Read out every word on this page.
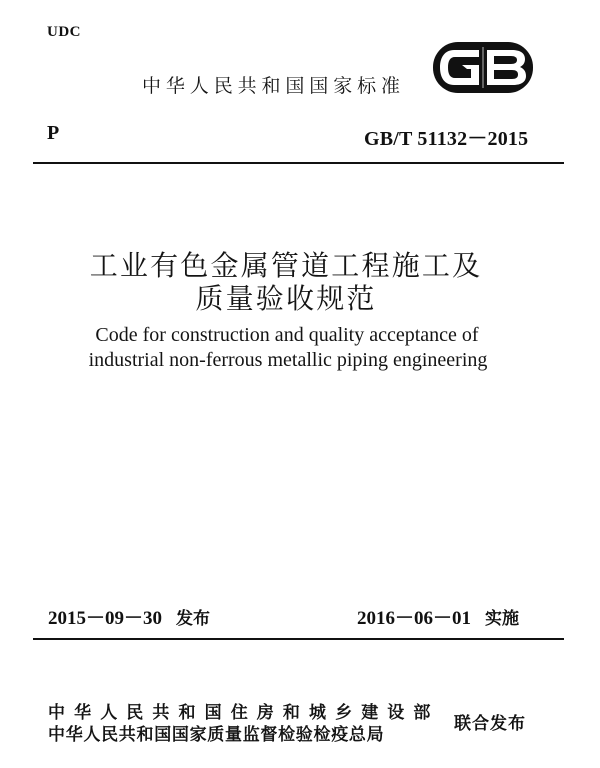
UDC
中华人民共和国国家标准
P	GB/T 51132－2015
工业有色金属管道工程施工及
质量验收规范
Code for construction and quality acceptance of
industrial non-ferrous metallic piping engineering
2015－09－30 发布	2016－06－01 实施
中华人民共和国住房和城乡建设部
中华人民共和国国家质量监督检验检疫总局
联合发布
